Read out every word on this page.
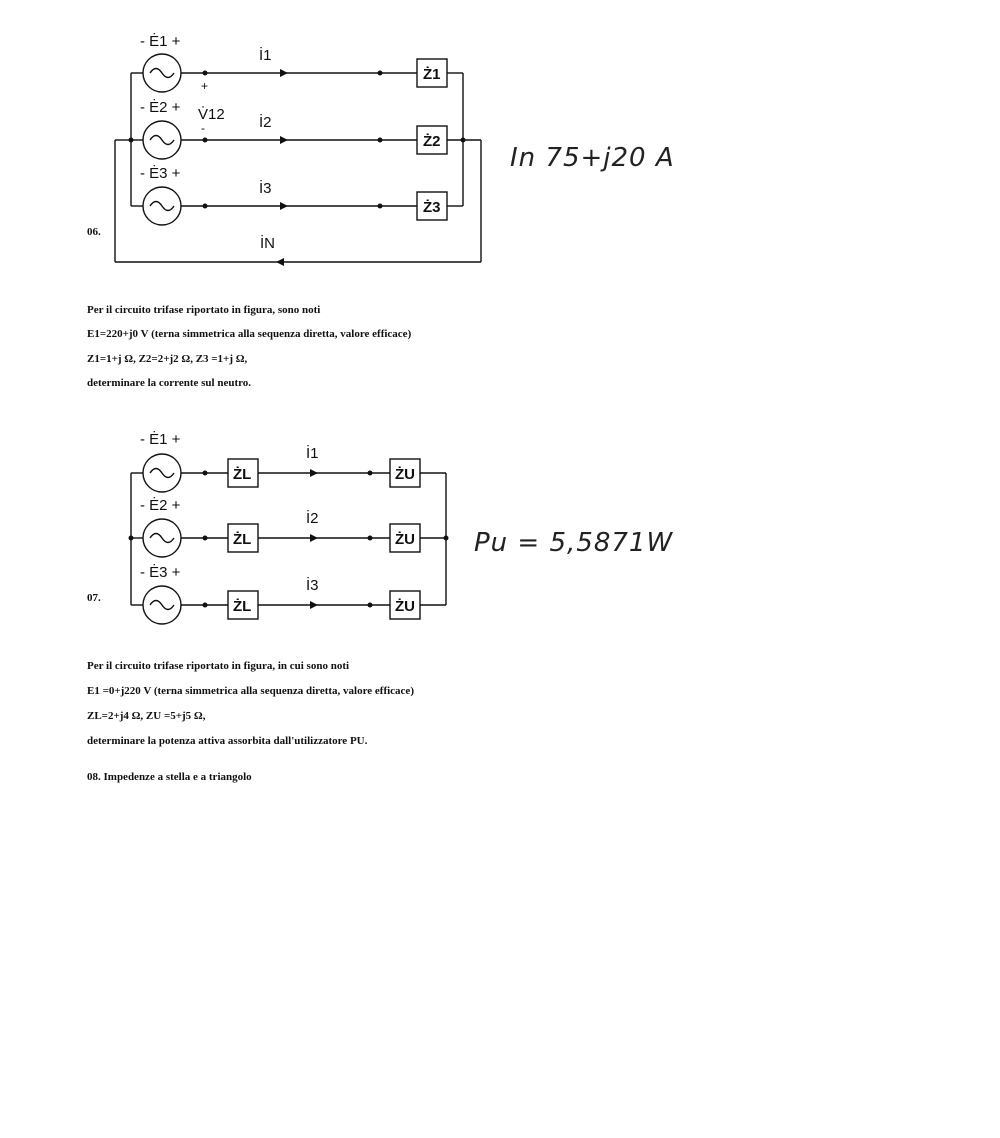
- Ė1 +
- Ė2 +
- Ė3 +
V̇12
+
-
İ1
İ2
İ3
İN
Ż1
Ż2
Ż3
06.
In 75+j20 A
Per il circuito trifase riportato in figura, sono noti
E1=220+j0 V (terna simmetrica alla sequenza diretta, valore efficace)
Z1=1+j Ω, Z2=2+j2 Ω, Z3 =1+j Ω,
determinare la corrente sul neutro.
- Ė1 +
- Ė2 +
- Ė3 +
İ1
İ2
İ3
ŻL
ŻL
ŻL
ŻU
ŻU
ŻU
07.
Pu = 5,5871W
Per il circuito trifase riportato in figura, in cui sono noti
E1 =0+j220 V (terna simmetrica alla sequenza diretta, valore efficace)
ZL=2+j4 Ω, ZU =5+j5 Ω,
determinare la potenza attiva assorbita dall'utilizzatore PU.
08. Impedenze a stella e a triangolo
